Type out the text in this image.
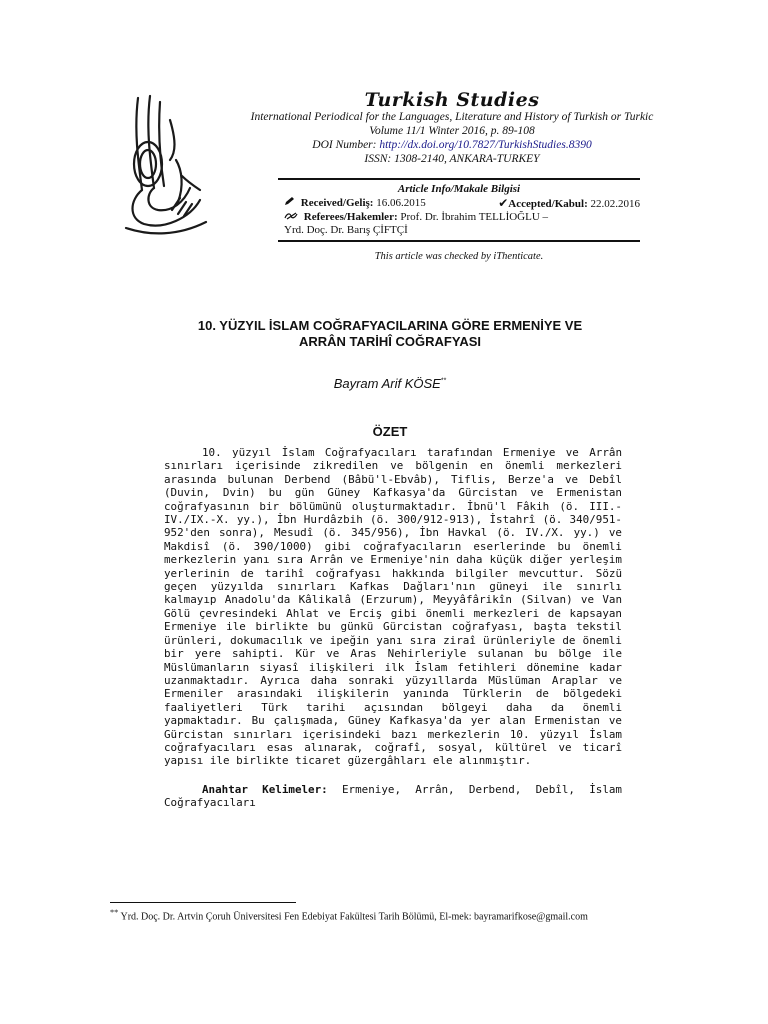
Turkish Studies
International Periodical for the Languages, Literature and History of Turkish or Turkic
Volume 11/1 Winter 2016, p. 89-108
DOI Number: http://dx.doi.org/10.7827/TurkishStudies.8390
ISSN: 1308-2140, ANKARA-TURKEY
Article Info/Makale Bilgisi
Received/Geliş: 16.06.2015	✔Accepted/Kabul: 22.02.2016
Referees/Hakemler: Prof. Dr. İbrahim TELLİOĞLU –
Yrd. Doç. Dr. Barış ÇİFTÇİ
This article was checked by iThenticate.
10. YÜZYIL İSLAM COĞRAFYACILARINA GÖRE ERMENİYE VE
ARRÂN TARİHÎ COĞRAFYASI
Bayram Arif KÖSE**
ÖZET

10. yüzyıl İslam Coğrafyacıları tarafından Ermeniye ve Arrân sınırları içerisinde zikredilen ve bölgenin en önemli merkezleri arasında bulunan Derbend (Bâbü'l-Ebvâb), Tiflis, Berze'a ve Debîl (Duvin, Dvin) bu gün Güney Kafkasya'da Gürcistan ve Ermenistan coğrafyasının bir bölümünü oluşturmaktadır. İbnü'l Fâkih (ö. III.-IV./IX.-X. yy.), İbn Hurdâzbih (ö. 300/912-913), İstahrî (ö. 340/951-952'den sonra), Mesudî (ö. 345/956), İbn Havkal (ö. IV./X. yy.) ve Makdisî (ö. 390/1000) gibi coğrafyacıların eserlerinde bu önemli merkezlerin yanı sıra Arrân ve Ermeniye'nin daha küçük diğer yerleşim yerlerinin de tarihî coğrafyası hakkında bilgiler mevcuttur. Sözü geçen yüzyılda sınırları Kafkas Dağları'nın güneyi ile sınırlı kalmayıp Anadolu'da Kâlikalâ (Erzurum), Meyyâfârikîn (Silvan) ve Van Gölü çevresindeki Ahlat ve Erciş gibi önemli merkezleri de kapsayan Ermeniye ile birlikte bu günkü Gürcistan coğrafyası, başta tekstil ürünleri, dokumacılık ve ipeğin yanı sıra ziraî ürünleriyle de önemli bir yere sahipti. Kür ve Aras Nehirleriyle sulanan bu bölge ile Müslümanların siyasî ilişkileri ilk İslam fetihleri dönemine kadar uzanmaktadır. Ayrıca daha sonraki yüzyıllarda Müslüman Araplar ve Ermeniler arasındaki ilişkilerin yanında Türklerin de bölgedeki faaliyetleri Türk tarihi açısından bölgeyi daha da önemli yapmaktadır. Bu çalışmada, Güney Kafkasya'da yer alan Ermenistan ve Gürcistan sınırları içerisindeki bazı merkezlerin 10. yüzyıl İslam coğrafyacıları esas alınarak, coğrafî, sosyal, kültürel ve ticarî yapısı ile birlikte ticaret güzergâhları ele alınmıştır.

Anahtar Kelimeler: Ermeniye, Arrân, Derbend, Debîl, İslam Coğrafyacıları

** Yrd. Doç. Dr. Artvin Çoruh Üniversitesi Fen Edebiyat Fakültesi Tarih Bölümü, El-mek: bayramarifkose@gmail.com
